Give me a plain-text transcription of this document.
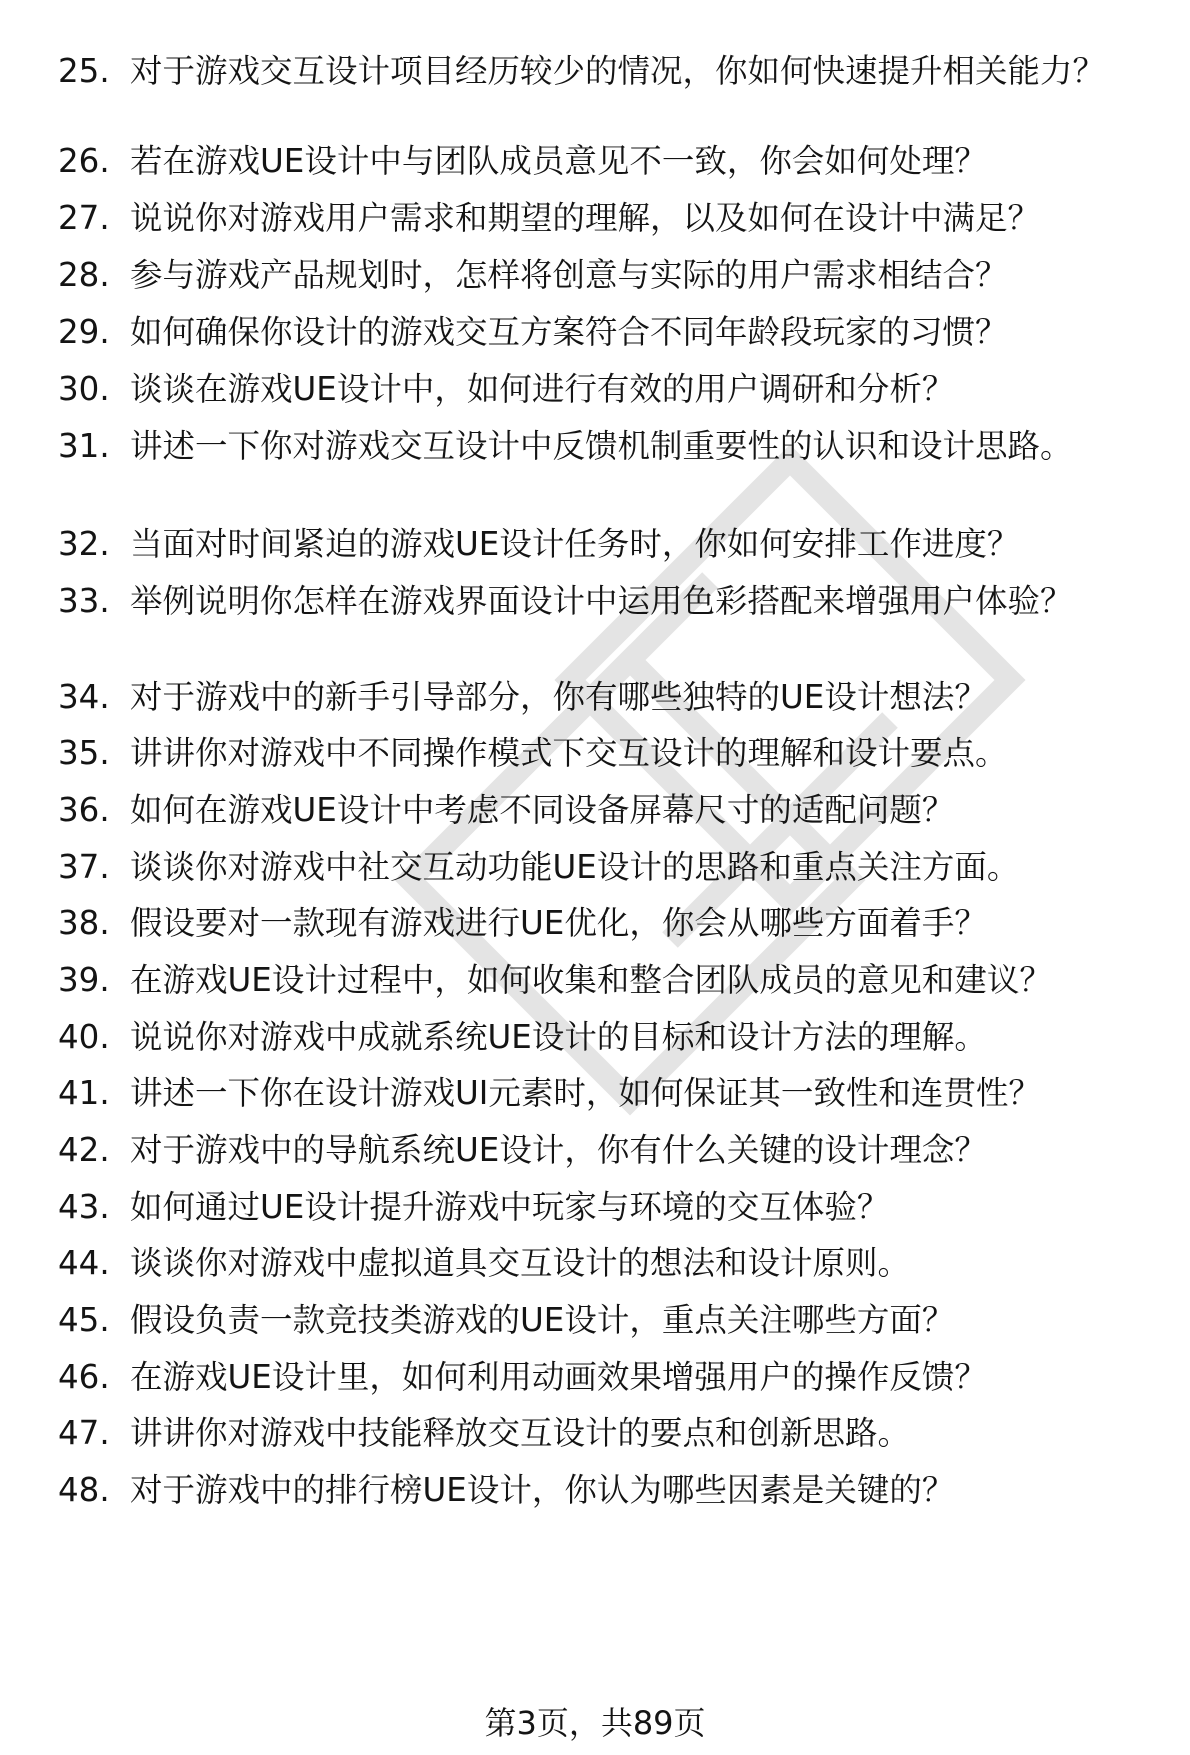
25. 对于游戏交互设计项目经历较少的情况，你如何快速提升相关能力？
26. 若在游戏UE设计中与团队成员意见不一致，你会如何处理？
27. 说说你对游戏用户需求和期望的理解，以及如何在设计中满足？
28. 参与游戏产品规划时，怎样将创意与实际的用户需求相结合？
29. 如何确保你设计的游戏交互方案符合不同年龄段玩家的习惯？
30. 谈谈在游戏UE设计中，如何进行有效的用户调研和分析？
31. 讲述一下你对游戏交互设计中反馈机制重要性的认识和设计思路。
32. 当面对时间紧迫的游戏UE设计任务时，你如何安排工作进度？
33. 举例说明你怎样在游戏界面设计中运用色彩搭配来增强用户体验？
34. 对于游戏中的新手引导部分，你有哪些独特的UE设计想法？
35. 讲讲你对游戏中不同操作模式下交互设计的理解和设计要点。
36. 如何在游戏UE设计中考虑不同设备屏幕尺寸的适配问题？
37. 谈谈你对游戏中社交互动功能UE设计的思路和重点关注方面。
38. 假设要对一款现有游戏进行UE优化，你会从哪些方面着手？
39. 在游戏UE设计过程中，如何收集和整合团队成员的意见和建议？
40. 说说你对游戏中成就系统UE设计的目标和设计方法的理解。
41. 讲述一下你在设计游戏UI元素时，如何保证其一致性和连贯性？
42. 对于游戏中的导航系统UE设计，你有什么关键的设计理念？
43. 如何通过UE设计提升游戏中玩家与环境的交互体验？
44. 谈谈你对游戏中虚拟道具交互设计的想法和设计原则。
45. 假设负责一款竞技类游戏的UE设计，重点关注哪些方面？
46. 在游戏UE设计里，如何利用动画效果增强用户的操作反馈？
47. 讲讲你对游戏中技能释放交互设计的要点和创新思路。
48. 对于游戏中的排行榜UE设计，你认为哪些因素是关键的？
第3页，共89页
